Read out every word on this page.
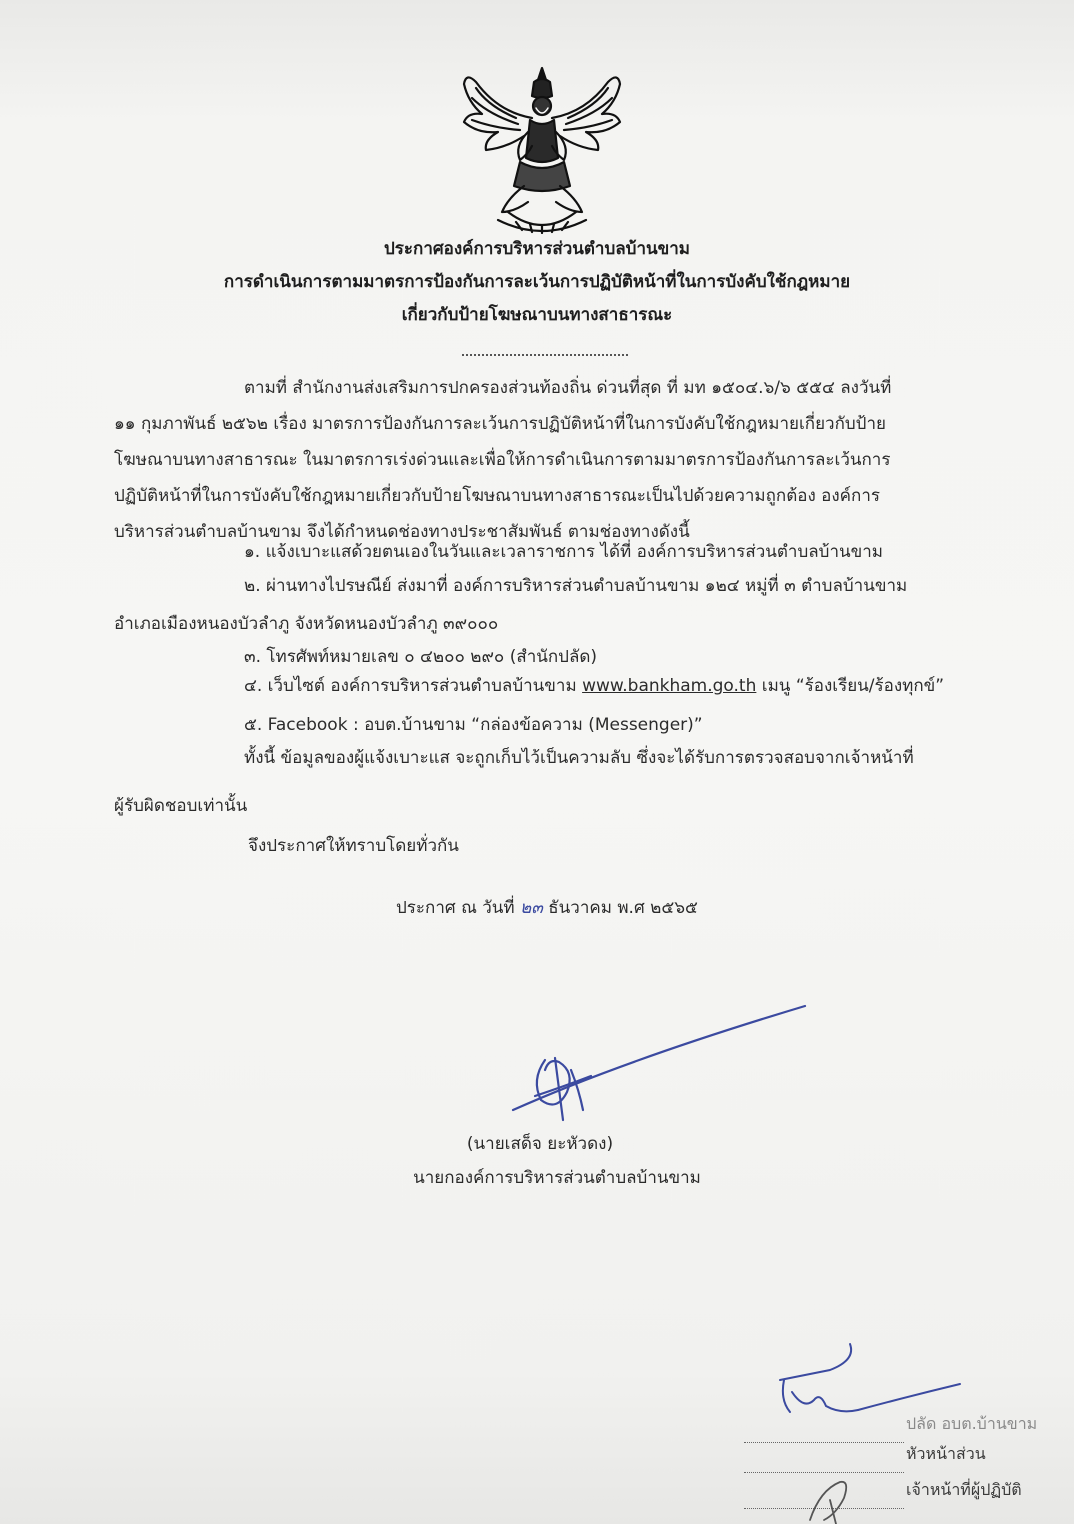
ประกาศองค์การบริหารส่วนตำบลบ้านขาม
การดำเนินการตามมาตรการป้องกันการละเว้นการปฏิบัติหน้าที่ในการบังคับใช้กฎหมาย
เกี่ยวกับป้ายโฆษณาบนทางสาธารณะ
ตามที่ สำนักงานส่งเสริมการปกครองส่วนท้องถิ่น ด่วนที่สุด ที่ มท ๑๕๐๔.๖/๖ ๕๕๔ ลงวันที่
๑๑ กุมภาพันธ์ ๒๕๖๒ เรื่อง มาตรการป้องกันการละเว้นการปฏิบัติหน้าที่ในการบังคับใช้กฎหมายเกี่ยวกับป้าย
โฆษณาบนทางสาธารณะ ในมาตรการเร่งด่วนและเพื่อให้การดำเนินการตามมาตรการป้องกันการละเว้นการ
ปฏิบัติหน้าที่ในการบังคับใช้กฎหมายเกี่ยวกับป้ายโฆษณาบนทางสาธารณะเป็นไปด้วยความถูกต้อง องค์การ
บริหารส่วนตำบลบ้านขาม จึงได้กำหนดช่องทางประชาสัมพันธ์ ตามช่องทางดังนี้
๑. แจ้งเบาะแสด้วยตนเองในวันและเวลาราชการ ได้ที่ องค์การบริหารส่วนตำบลบ้านขาม
๒. ผ่านทางไปรษณีย์ ส่งมาที่ องค์การบริหารส่วนตำบลบ้านขาม ๑๒๔ หมู่ที่ ๓ ตำบลบ้านขาม
อำเภอเมืองหนองบัวลำภู จังหวัดหนองบัวลำภู ๓๙๐๐๐
๓. โทรศัพท์หมายเลข ๐ ๔๒๐๐ ๒๙๐ (สำนักปลัด)
๔. เว็บไซต์ องค์การบริหารส่วนตำบลบ้านขาม www.bankham.go.th เมนู “ร้องเรียน/ร้องทุกข์”
๕. Facebook : อบต.บ้านขาม “กล่องข้อความ (Messenger)”
ทั้งนี้ ข้อมูลของผู้แจ้งเบาะแส จะถูกเก็บไว้เป็นความลับ ซึ่งจะได้รับการตรวจสอบจากเจ้าหน้าที่
ผู้รับผิดชอบเท่านั้น
จึงประกาศให้ทราบโดยทั่วกัน
ประกาศ ณ วันที่ ๒๓ ธันวาคม พ.ศ ๒๕๖๕
(นายเสด็จ ยะหัวดง)
นายกองค์การบริหารส่วนตำบลบ้านขาม
ปลัด อบต.บ้านขาม
หัวหน้าส่วน
เจ้าหน้าที่ผู้ปฏิบัติ
